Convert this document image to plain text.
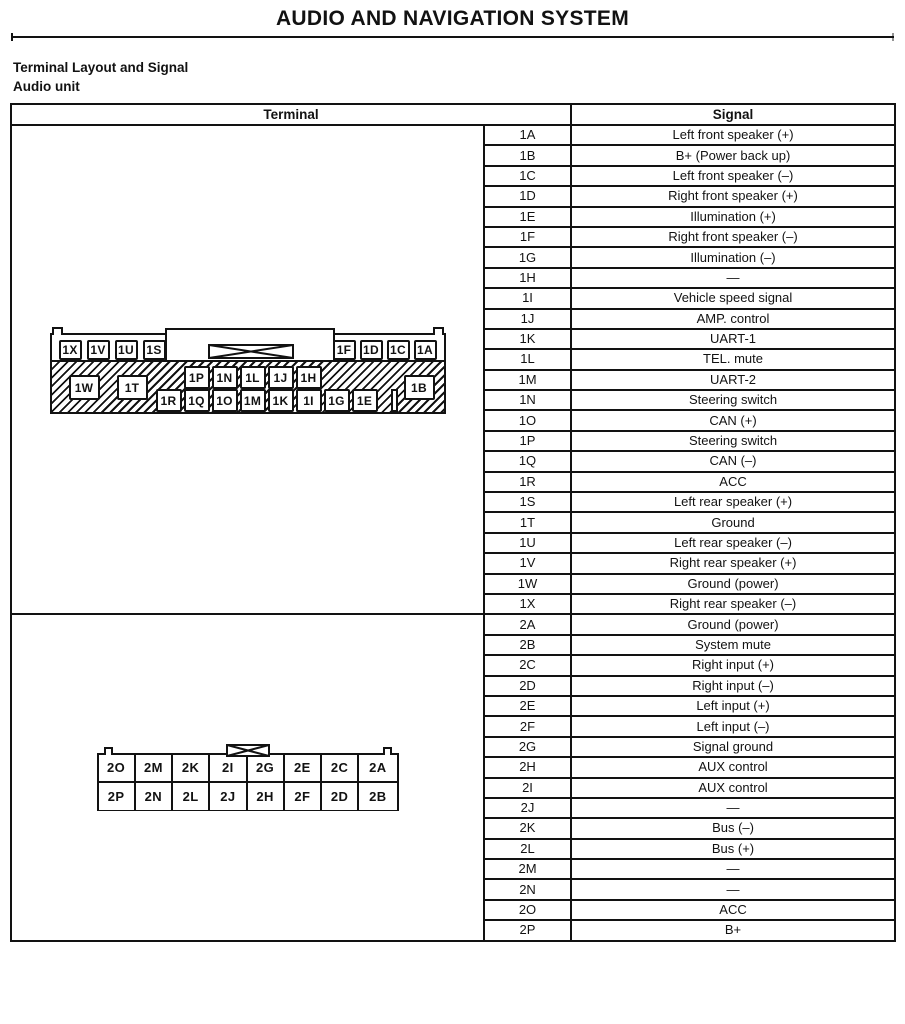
AUDIO AND NAVIGATION SYSTEM
Terminal Layout and Signal
Audio unit
Terminal		Signal

1X	1V	1U	1S	1F 1D 1C 1A
1W	1T
1P	1N	1L	1J	1H
1R 1Q 1O 1M 1K	1I	1G	1E
1B
	1A	Left front speaker (+)
	1B	B+ (Power back up)
	1C	Left front speaker (–)
	1D	Right front speaker (+)
	1E	Illumination (+)
	1F	Right front speaker (–)
	1G	Illumination (–)
	1H	—
	1I	Vehicle speed signal
	1J	AMP. control
	1K	UART-1
	1L	TEL. mute
	1M	UART-2
	1N	Steering switch
	1O	CAN (+)
	1P	Steering switch
	1Q	CAN (–)
	1R	ACC
	1S	Left rear speaker (+)
	1T	Ground
	1U	Left rear speaker (–)
	1V	Right rear speaker (+)
	1W	Ground (power)
	1X	Right rear speaker (–)

2O	2M	2K	2I	2G	2E	2C	2A
2P	2N	2L	2J	2H	2F	2D	2B
	2A	Ground (power)
	2B	System mute
	2C	Right input (+)
	2D	Right input (–)
	2E	Left input (+)
	2F	Left input (–)
	2G	Signal ground
	2H	AUX control
	2I	AUX control
	2J	—
	2K	Bus (–)
	2L	Bus (+)
	2M	—
	2N	—
	2O	ACC
	2P	B+
